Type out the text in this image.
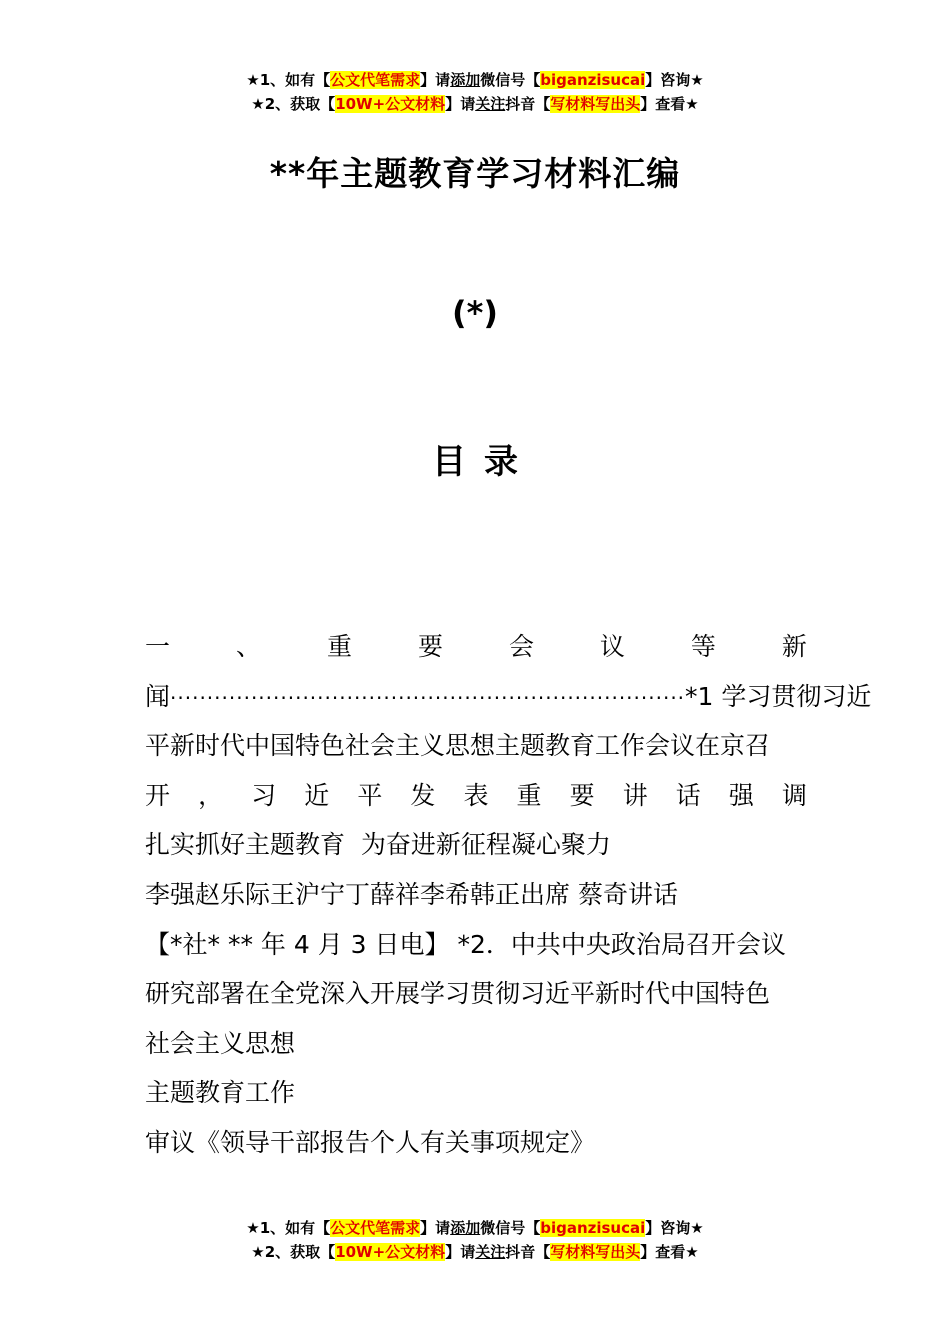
★1、如有【公文代笔需求】请添加微信号【biganzisucai】咨询★
★2、获取【10W+公文材料】请关注抖音【写材料写出头】查看★
**年主题教育学习材料汇编
(*)
目录
一	、	重	要	会	议	等	新
闻 ······································································ *1 学习贯彻习近
平新时代中国特色社会主义思想主题教育工作会议在京召
开 ， 习 近 平 发 表 重 要 讲 话 强 调
扎实抓好主题教育  为奋进新征程凝心聚力
李强赵乐际王沪宁丁薛祥李希韩正出席 蔡奇讲话
【*社* ** 年 4 月 3 日电】 *2．中共中央政治局召开会议
研究部署在全党深入开展学习贯彻习近平新时代中国特色
社会主义思想
主题教育工作
审议《领导干部报告个人有关事项规定》
★1、如有【公文代笔需求】请添加微信号【biganzisucai】咨询★
★2、获取【10W+公文材料】请关注抖音【写材料写出头】查看★
